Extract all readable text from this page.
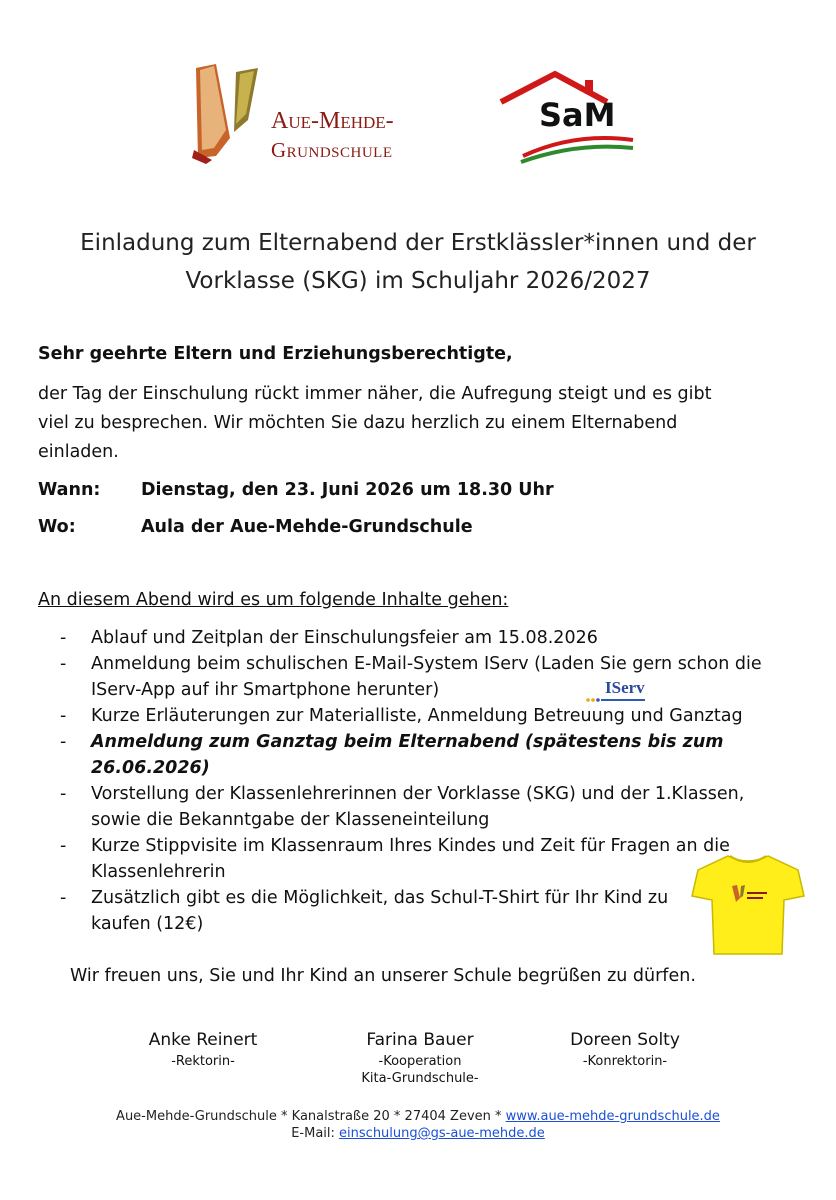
Aue-Mehde-
Grundschule
SaM
Einladung zum Elternabend der Erstklässler*innen und der
Vorklasse (SKG) im Schuljahr 2026/2027
Sehr geehrte Eltern und Erziehungsberechtigte,
der Tag der Einschulung rückt immer näher, die Aufregung steigt und es gibt
viel zu besprechen. Wir möchten Sie dazu herzlich zu einem Elternabend
einladen.
Wann: Dienstag, den 23. Juni 2026 um 18.30 Uhr
Wo:	Aula der Aue-Mehde-Grundschule
An diesem Abend wird es um folgende Inhalte gehen:
- Ablauf und Zeitplan der Einschulungsfeier am 15.08.2026
- Anmeldung beim schulischen E-Mail-System IServ (Laden Sie gern schon die
IServ-App auf ihr Smartphone herunter)
- Kurze Erläuterungen zur Materialliste, Anmeldung Betreuung und Ganztag
- Anmeldung zum Ganztag beim Elternabend (spätestens bis zum 26.06.2026)
- Vorstellung der Klassenlehrerinnen der Vorklasse (SKG) und der 1.Klassen,
sowie die Bekanntgabe der Klasseneinteilung
- Kurze Stippvisite im Klassenraum Ihres Kindes und Zeit für Fragen an die
Klassenlehrerin
- Zusätzlich gibt es die Möglichkeit, das Schul-T-Shirt für Ihr Kind zu
kaufen (12€)
IServ
Wir freuen uns, Sie und Ihr Kind an unserer Schule begrüßen zu dürfen.
Anke Reinert
-Rektorin-
Farina Bauer
-Kooperation
Kita-Grundschule-
Doreen Solty
-Konrektorin-
Aue-Mehde-Grundschule * Kanalstraße 20 * 27404 Zeven * www.aue-mehde-grundschule.de
E-Mail: einschulung@gs-aue-mehde.de
